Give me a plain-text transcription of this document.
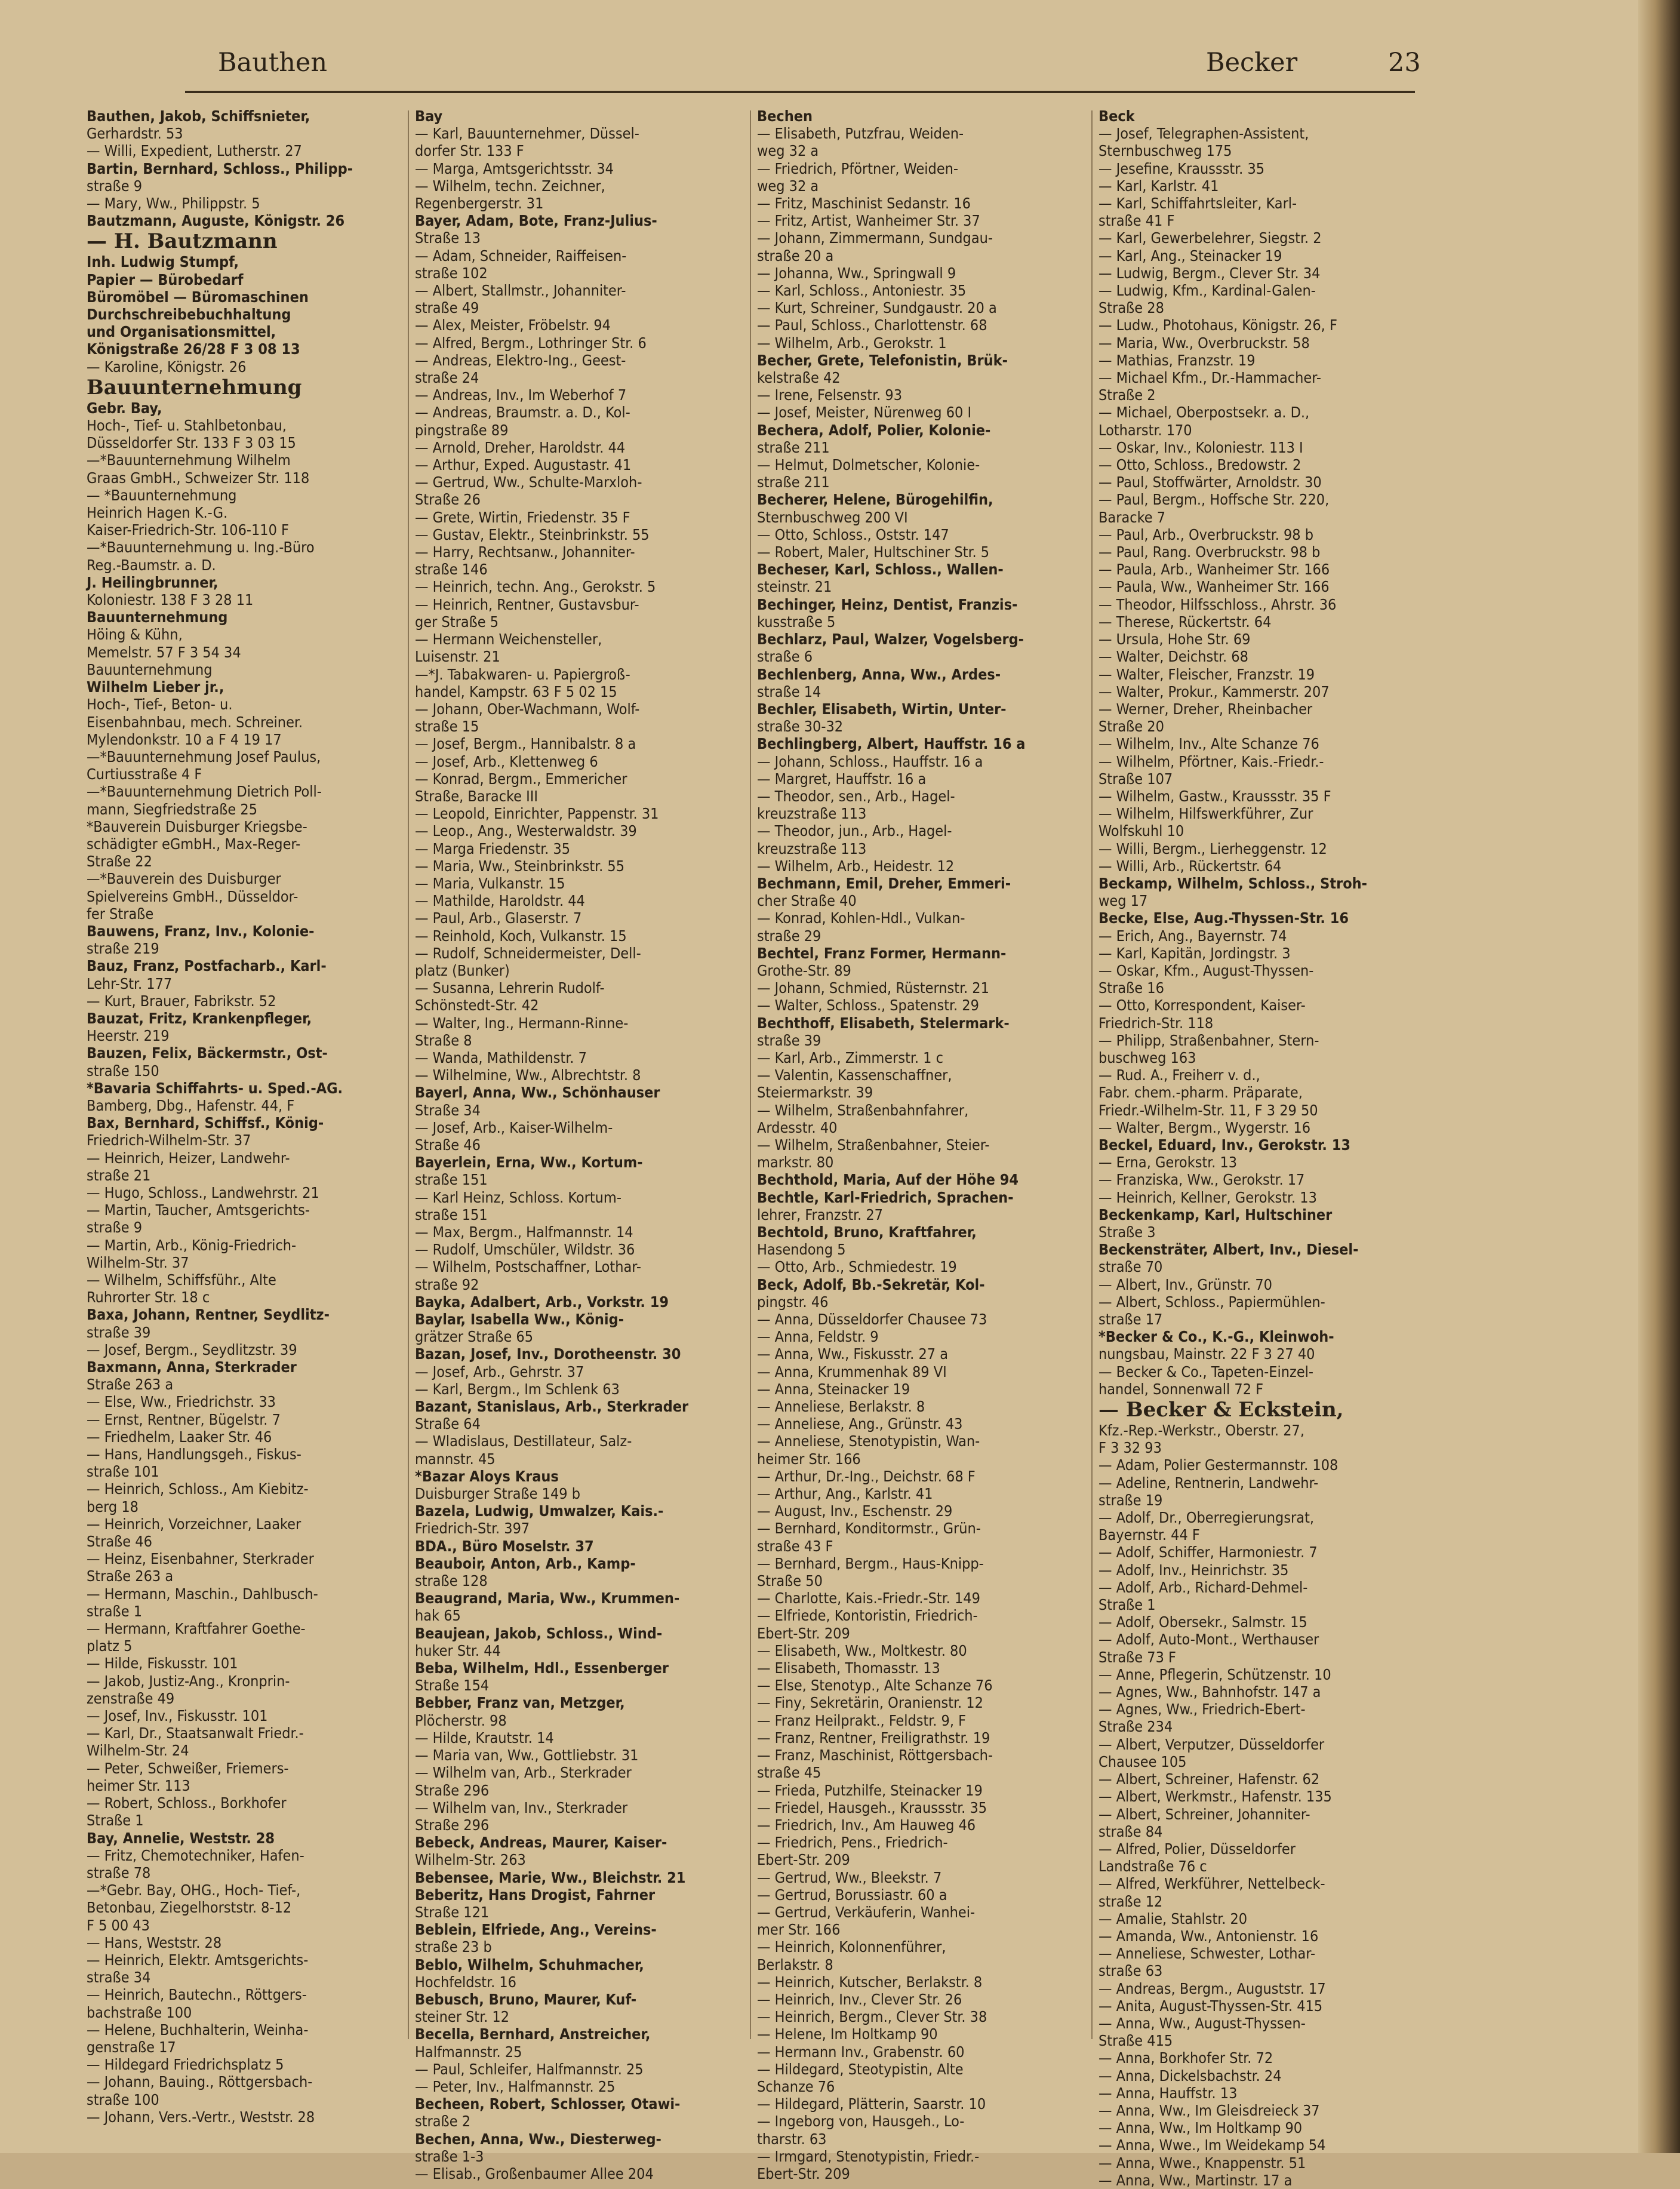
Bauthen	Becker	23
Bauthen, Jakob, Schiffsnieter,
Gerhardstr. 53
— Willi, Expedient, Lutherstr. 27
Bartin, Bernhard, Schloss., Philipp-
straße 9
— Mary, Ww., Philippstr. 5
Bautzmann, Auguste, Königstr. 26
— H. Bautzmann
Inh. Ludwig Stumpf,
Papier — Bürobedarf
Büromöbel — Büromaschinen
Durchschreibebuchhaltung
und Organisationsmittel,
Königstraße 26/28 F 3 08 13
— Karoline, Königstr. 26
Bauunternehmung
Gebr. Bay,
Hoch-, Tief- u. Stahlbetonbau,
Düsseldorfer Str. 133 F 3 03 15
—*Bauunternehmung Wilhelm
Graas GmbH., Schweizer Str. 118
— *Bauunternehmung
Heinrich Hagen K.-G.
Kaiser-Friedrich-Str. 106-110 F
—*Bauunternehmung u. Ing.-Büro
Reg.-Baumstr. a. D.
J. Heilingbrunner,
Koloniestr. 138 F 3 28 11
Bauunternehmung
Höing & Kühn,
Memelstr. 57 F 3 54 34
Bauunternehmung
Wilhelm Lieber jr.,
Hoch-, Tief-, Beton- u.
Eisenbahnbau, mech. Schreiner.
Mylendonkstr. 10 a F 4 19 17
—*Bauunternehmung Josef Paulus,
Curtiusstraße 4 F
—*Bauunternehmung Dietrich Poll-
mann, Siegfriedstraße 25
*Bauverein Duisburger Kriegsbe-
schädigter eGmbH., Max-Reger-
Straße 22
—*Bauverein des Duisburger
Spielvereins GmbH., Düsseldor-
fer Straße
Bauwens, Franz, Inv., Kolonie-
straße 219
Bauz, Franz, Postfacharb., Karl-
Lehr-Str. 177
— Kurt, Brauer, Fabrikstr. 52
Bauzat, Fritz, Krankenpfleger,
Heerstr. 219
Bauzen, Felix, Bäckermstr., Ost-
straße 150
*Bavaria Schiffahrts- u. Sped.-AG.
Bamberg, Dbg., Hafenstr. 44, F
Bax, Bernhard, Schiffsf., König-
Friedrich-Wilhelm-Str. 37
— Heinrich, Heizer, Landwehr-
straße 21
— Hugo, Schloss., Landwehrstr. 21
— Martin, Taucher, Amtsgerichts-
straße 9
— Martin, Arb., König-Friedrich-
Wilhelm-Str. 37
— Wilhelm, Schiffsführ., Alte
Ruhrorter Str. 18 c
Baxa, Johann, Rentner, Seydlitz-
straße 39
— Josef, Bergm., Seydlitzstr. 39
Baxmann, Anna, Sterkrader
Straße 263 a
— Else, Ww., Friedrichstr. 33
— Ernst, Rentner, Bügelstr. 7
— Friedhelm, Laaker Str. 46
— Hans, Handlungsgeh., Fiskus-
straße 101
— Heinrich, Schloss., Am Kiebitz-
berg 18
— Heinrich, Vorzeichner, Laaker
Straße 46
— Heinz, Eisenbahner, Sterkrader
Straße 263 a
— Hermann, Maschin., Dahlbusch-
straße 1
— Hermann, Kraftfahrer Goethe-
platz 5
— Hilde, Fiskusstr. 101
— Jakob, Justiz-Ang., Kronprin-
zenstraße 49
— Josef, Inv., Fiskusstr. 101
— Karl, Dr., Staatsanwalt Friedr.-
Wilhelm-Str. 24
— Peter, Schweißer, Friemers-
heimer Str. 113
— Robert, Schloss., Borkhofer
Straße 1
Bay, Annelie, Weststr. 28
— Fritz, Chemotechniker, Hafen-
straße 78
—*Gebr. Bay, OHG., Hoch- Tief-,
Betonbau, Ziegelhorststr. 8-12
F 5 00 43
— Hans, Weststr. 28
— Heinrich, Elektr. Amtsgerichts-
straße 34
— Heinrich, Bautechn., Röttgers-
bachstraße 100
— Helene, Buchhalterin, Weinha-
genstraße 17
— Hildegard Friedrichsplatz 5
— Johann, Bauing., Röttgersbach-
straße 100
— Johann, Vers.-Vertr., Weststr. 28
Bay
— Karl, Bauunternehmer, Düssel-
dorfer Str. 133 F
— Marga, Amtsgerichtsstr. 34
— Wilhelm, techn. Zeichner,
Regenbergerstr. 31
Bayer, Adam, Bote, Franz-Julius-
Straße 13
— Adam, Schneider, Raiffeisen-
straße 102
— Albert, Stallmstr., Johanniter-
straße 49
— Alex, Meister, Fröbelstr. 94
— Alfred, Bergm., Lothringer Str. 6
— Andreas, Elektro-Ing., Geest-
straße 24
— Andreas, Inv., Im Weberhof 7
— Andreas, Braumstr. a. D., Kol-
pingstraße 89
— Arnold, Dreher, Haroldstr. 44
— Arthur, Exped. Augustastr. 41
— Gertrud, Ww., Schulte-Marxloh-
Straße 26
— Grete, Wirtin, Friedenstr. 35 F
— Gustav, Elektr., Steinbrinkstr. 55
— Harry, Rechtsanw., Johanniter-
straße 146
— Heinrich, techn. Ang., Gerokstr. 5
— Heinrich, Rentner, Gustavsbur-
ger Straße 5
— Hermann Weichensteller,
Luisenstr. 21
—*J. Tabakwaren- u. Papiergroß-
handel, Kampstr. 63 F 5 02 15
— Johann, Ober-Wachmann, Wolf-
straße 15
— Josef, Bergm., Hannibalstr. 8 a
— Josef, Arb., Klettenweg 6
— Konrad, Bergm., Emmericher
Straße, Baracke III
— Leopold, Einrichter, Pappenstr. 31
— Leop., Ang., Westerwaldstr. 39
— Marga Friedenstr. 35
— Maria, Ww., Steinbrinkstr. 55
— Maria, Vulkanstr. 15
— Mathilde, Haroldstr. 44
— Paul, Arb., Glaserstr. 7
— Reinhold, Koch, Vulkanstr. 15
— Rudolf, Schneidermeister, Dell-
platz (Bunker)
— Susanna, Lehrerin Rudolf-
Schönstedt-Str. 42
— Walter, Ing., Hermann-Rinne-
Straße 8
— Wanda, Mathildenstr. 7
— Wilhelmine, Ww., Albrechtstr. 8
Bayerl, Anna, Ww., Schönhauser
Straße 34
— Josef, Arb., Kaiser-Wilhelm-
Straße 46
Bayerlein, Erna, Ww., Kortum-
straße 151
— Karl Heinz, Schloss. Kortum-
straße 151
— Max, Bergm., Halfmannstr. 14
— Rudolf, Umschüler, Wildstr. 36
— Wilhelm, Postschaffner, Lothar-
straße 92
Bayka, Adalbert, Arb., Vorkstr. 19
Baylar, Isabella Ww., König-
grätzer Straße 65
Bazan, Josef, Inv., Dorotheenstr. 30
— Josef, Arb., Gehrstr. 37
— Karl, Bergm., Im Schlenk 63
Bazant, Stanislaus, Arb., Sterkrader
Straße 64
— Wladislaus, Destillateur, Salz-
mannstr. 45
*Bazar Aloys Kraus
Duisburger Straße 149 b
Bazela, Ludwig, Umwalzer, Kais.-
Friedrich-Str. 397
BDA., Büro Moselstr. 37
Beauboir, Anton, Arb., Kamp-
straße 128
Beaugrand, Maria, Ww., Krummen-
hak 65
Beaujean, Jakob, Schloss., Wind-
huker Str. 44
Beba, Wilhelm, Hdl., Essenberger
Straße 154
Bebber, Franz van, Metzger,
Plöcherstr. 98
— Hilde, Krautstr. 14
— Maria van, Ww., Gottliebstr. 31
— Wilhelm van, Arb., Sterkrader
Straße 296
— Wilhelm van, Inv., Sterkrader
Straße 296
Bebeck, Andreas, Maurer, Kaiser-
Wilhelm-Str. 263
Bebensee, Marie, Ww., Bleichstr. 21
Beberitz, Hans Drogist, Fahrner
Straße 121
Beblein, Elfriede, Ang., Vereins-
straße 23 b
Beblo, Wilhelm, Schuhmacher,
Hochfeldstr. 16
Bebusch, Bruno, Maurer, Kuf-
steiner Str. 12
Becella, Bernhard, Anstreicher,
Halfmannstr. 25
— Paul, Schleifer, Halfmannstr. 25
— Peter, Inv., Halfmannstr. 25
Becheen, Robert, Schlosser, Otawi-
straße 2
Bechen, Anna, Ww., Diesterweg-
straße 1-3
— Elisab., Großenbaumer Allee 204
Bechen
— Elisabeth, Putzfrau, Weiden-
weg 32 a
— Friedrich, Pförtner, Weiden-
weg 32 a
— Fritz, Maschinist Sedanstr. 16
— Fritz, Artist, Wanheimer Str. 37
— Johann, Zimmermann, Sundgau-
straße 20 a
— Johanna, Ww., Springwall 9
— Karl, Schloss., Antoniestr. 35
— Kurt, Schreiner, Sundgaustr. 20 a
— Paul, Schloss., Charlottenstr. 68
— Wilhelm, Arb., Gerokstr. 1
Becher, Grete, Telefonistin, Brük-
kelstraße 42
— Irene, Felsenstr. 93
— Josef, Meister, Nürenweg 60 I
Bechera, Adolf, Polier, Kolonie-
straße 211
— Helmut, Dolmetscher, Kolonie-
straße 211
Becherer, Helene, Bürogehilfin,
Sternbuschweg 200 VI
— Otto, Schloss., Oststr. 147
— Robert, Maler, Hultschiner Str. 5
Becheser, Karl, Schloss., Wallen-
steinstr. 21
Bechinger, Heinz, Dentist, Franzis-
kusstraße 5
Bechlarz, Paul, Walzer, Vogelsberg-
straße 6
Bechlenberg, Anna, Ww., Ardes-
straße 14
Bechler, Elisabeth, Wirtin, Unter-
straße 30-32
Bechlingberg, Albert, Hauffstr. 16 a
— Johann, Schloss., Hauffstr. 16 a
— Margret, Hauffstr. 16 a
— Theodor, sen., Arb., Hagel-
kreuzstraße 113
— Theodor, jun., Arb., Hagel-
kreuzstraße 113
— Wilhelm, Arb., Heidestr. 12
Bechmann, Emil, Dreher, Emmeri-
cher Straße 40
— Konrad, Kohlen-Hdl., Vulkan-
straße 29
Bechtel, Franz Former, Hermann-
Grothe-Str. 89
— Johann, Schmied, Rüsternstr. 21
— Walter, Schloss., Spatenstr. 29
Bechthoff, Elisabeth, Stelermark-
straße 39
— Karl, Arb., Zimmerstr. 1 c
— Valentin, Kassenschaffner,
Steiermarkstr. 39
— Wilhelm, Straßenbahnfahrer,
Ardesstr. 40
— Wilhelm, Straßenbahner, Steier-
markstr. 80
Bechthold, Maria, Auf der Höhe 94
Bechtle, Karl-Friedrich, Sprachen-
lehrer, Franzstr. 27
Bechtold, Bruno, Kraftfahrer,
Hasendong 5
— Otto, Arb., Schmiedestr. 19
Beck, Adolf, Bb.-Sekretär, Kol-
pingstr. 46
— Anna, Düsseldorfer Chausee 73
— Anna, Feldstr. 9
— Anna, Ww., Fiskusstr. 27 a
— Anna, Krummenhak 89 VI
— Anna, Steinacker 19
— Anneliese, Berlakstr. 8
— Anneliese, Ang., Grünstr. 43
— Anneliese, Stenotypistin, Wan-
heimer Str. 166
— Arthur, Dr.-Ing., Deichstr. 68 F
— Arthur, Ang., Karlstr. 41
— August, Inv., Eschenstr. 29
— Bernhard, Konditormstr., Grün-
straße 43 F
— Bernhard, Bergm., Haus-Knipp-
Straße 50
— Charlotte, Kais.-Friedr.-Str. 149
— Elfriede, Kontoristin, Friedrich-
Ebert-Str. 209
— Elisabeth, Ww., Moltkestr. 80
— Elisabeth, Thomasstr. 13
— Else, Stenotyp., Alte Schanze 76
— Finy, Sekretärin, Oranienstr. 12
— Franz Heilprakt., Feldstr. 9, F
— Franz, Rentner, Freiligrathstr. 19
— Franz, Maschinist, Röttgersbach-
straße 45
— Frieda, Putzhilfe, Steinacker 19
— Friedel, Hausgeh., Kraussstr. 35
— Friedrich, Inv., Am Hauweg 46
— Friedrich, Pens., Friedrich-
Ebert-Str. 209
— Gertrud, Ww., Bleekstr. 7
— Gertrud, Borussiastr. 60 a
— Gertrud, Verkäuferin, Wanhei-
mer Str. 166
— Heinrich, Kolonnenführer,
Berlakstr. 8
— Heinrich, Kutscher, Berlakstr. 8
— Heinrich, Inv., Clever Str. 26
— Heinrich, Bergm., Clever Str. 38
— Helene, Im Holtkamp 90
— Hermann Inv., Grabenstr. 60
— Hildegard, Steotypistin, Alte
Schanze 76
— Hildegard, Plätterin, Saarstr. 10
— Ingeborg von, Hausgeh., Lo-
tharstr. 63
— Irmgard, Stenotypistin, Friedr.-
Ebert-Str. 209
Beck
— Josef, Telegraphen-Assistent,
Sternbuschweg 175
— Jesefine, Kraussstr. 35
— Karl, Karlstr. 41
— Karl, Schiffahrtsleiter, Karl-
straße 41 F
— Karl, Gewerbelehrer, Siegstr. 2
— Karl, Ang., Steinacker 19
— Ludwig, Bergm., Clever Str. 34
— Ludwig, Kfm., Kardinal-Galen-
Straße 28
— Ludw., Photohaus, Königstr. 26, F
— Maria, Ww., Overbruckstr. 58
— Mathias, Franzstr. 19
— Michael Kfm., Dr.-Hammacher-
Straße 2
— Michael, Oberpostsekr. a. D.,
Lotharstr. 170
— Oskar, Inv., Koloniestr. 113 I
— Otto, Schloss., Bredowstr. 2
— Paul, Stoffwärter, Arnoldstr. 30
— Paul, Bergm., Hoffsche Str. 220,
Baracke 7
— Paul, Arb., Overbruckstr. 98 b
— Paul, Rang. Overbruckstr. 98 b
— Paula, Arb., Wanheimer Str. 166
— Paula, Ww., Wanheimer Str. 166
— Theodor, Hilfsschloss., Ahrstr. 36
— Therese, Rückertstr. 64
— Ursula, Hohe Str. 69
— Walter, Deichstr. 68
— Walter, Fleischer, Franzstr. 19
— Walter, Prokur., Kammerstr. 207
— Werner, Dreher, Rheinbacher
Straße 20
— Wilhelm, Inv., Alte Schanze 76
— Wilhelm, Pförtner, Kais.-Friedr.-
Straße 107
— Wilhelm, Gastw., Kraussstr. 35 F
— Wilhelm, Hilfswerkführer, Zur
Wolfskuhl 10
— Willi, Bergm., Lierheggenstr. 12
— Willi, Arb., Rückertstr. 64
Beckamp, Wilhelm, Schloss., Stroh-
weg 17
Becke, Else, Aug.-Thyssen-Str. 16
— Erich, Ang., Bayernstr. 74
— Karl, Kapitän, Jordingstr. 3
— Oskar, Kfm., August-Thyssen-
Straße 16
— Otto, Korrespondent, Kaiser-
Friedrich-Str. 118
— Philipp, Straßenbahner, Stern-
buschweg 163
— Rud. A., Freiherr v. d.,
Fabr. chem.-pharm. Präparate,
Friedr.-Wilhelm-Str. 11, F 3 29 50
— Walter, Bergm., Wygerstr. 16
Beckel, Eduard, Inv., Gerokstr. 13
— Erna, Gerokstr. 13
— Franziska, Ww., Gerokstr. 17
— Heinrich, Kellner, Gerokstr. 13
Beckenkamp, Karl, Hultschiner
Straße 3
Beckensträter, Albert, Inv., Diesel-
straße 70
— Albert, Inv., Grünstr. 70
— Albert, Schloss., Papiermühlen-
straße 17
*Becker & Co., K.-G., Kleinwoh-
nungsbau, Mainstr. 22 F 3 27 40
— Becker & Co., Tapeten-Einzel-
handel, Sonnenwall 72 F
— Becker & Eckstein,
Kfz.-Rep.-Werkstr., Oberstr. 27,
F 3 32 93
— Adam, Polier Gestermannstr. 108
— Adeline, Rentnerin, Landwehr-
straße 19
— Adolf, Dr., Oberregierungsrat,
Bayernstr. 44 F
— Adolf, Schiffer, Harmoniestr. 7
— Adolf, Inv., Heinrichstr. 35
— Adolf, Arb., Richard-Dehmel-
Straße 1
— Adolf, Obersekr., Salmstr. 15
— Adolf, Auto-Mont., Werthauser
Straße 73 F
— Anne, Pflegerin, Schützenstr. 10
— Agnes, Ww., Bahnhofstr. 147 a
— Agnes, Ww., Friedrich-Ebert-
Straße 234
— Albert, Verputzer, Düsseldorfer
Chausee 105
— Albert, Schreiner, Hafenstr. 62
— Albert, Werkmstr., Hafenstr. 135
— Albert, Schreiner, Johanniter-
straße 84
— Alfred, Polier, Düsseldorfer
Landstraße 76 c
— Alfred, Werkführer, Nettelbeck-
straße 12
— Amalie, Stahlstr. 20
— Amanda, Ww., Antonienstr. 16
— Anneliese, Schwester, Lothar-
straße 63
— Andreas, Bergm., Auguststr. 17
— Anita, August-Thyssen-Str. 415
— Anna, Ww., August-Thyssen-
Straße 415
— Anna, Borkhofer Str. 72
— Anna, Dickelsbachstr. 24
— Anna, Hauffstr. 13
— Anna, Ww., Im Gleisdreieck 37
— Anna, Ww., Im Holtkamp 90
— Anna, Wwe., Im Weidekamp 54
— Anna, Wwe., Knappenstr. 51
— Anna, Ww., Martinstr. 17 a
